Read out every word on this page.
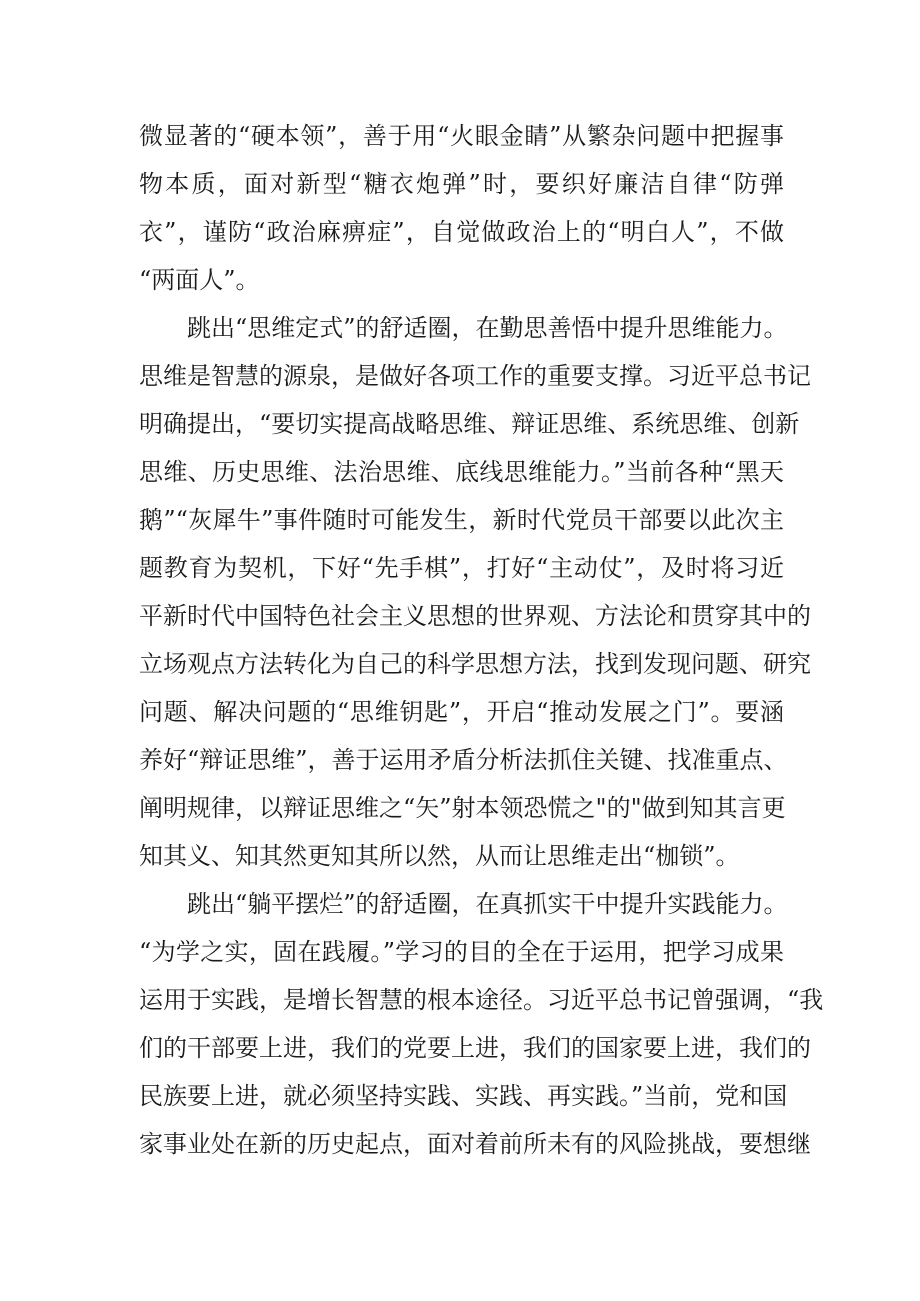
微显著的“硬本领”，善于用“火眼金睛”从繁杂问题中把握事
物本质，面对新型“糖衣炮弹”时，要织好廉洁自律“防弹
衣”，谨防“政治麻痹症”，自觉做政治上的“明白人”，不做
“两面人”。
跳出“思维定式”的舒适圈，在勤思善悟中提升思维能力。
思维是智慧的源泉，是做好各项工作的重要支撑。习近平总书记
明确提出，“要切实提高战略思维、辩证思维、系统思维、创新
思维、历史思维、法治思维、底线思维能力。”当前各种“黑天
鹅”“灰犀牛”事件随时可能发生，新时代党员干部要以此次主
题教育为契机，下好“先手棋”，打好“主动仗”，及时将习近
平新时代中国特色社会主义思想的世界观、方法论和贯穿其中的
立场观点方法转化为自己的科学思想方法，找到发现问题、研究
问题、解决问题的“思维钥匙”，开启“推动发展之门”。要涵
养好“辩证思维”，善于运用矛盾分析法抓住关键、找准重点、
阐明规律，以辩证思维之“矢”射本领恐慌之"的"做到知其言更
知其义、知其然更知其所以然，从而让思维走出“枷锁”。
跳出“躺平摆烂”的舒适圈，在真抓实干中提升实践能力。
“为学之实，固在践履。”学习的目的全在于运用，把学习成果
运用于实践，是增长智慧的根本途径。习近平总书记曾强调，“我
们的干部要上进，我们的党要上进，我们的国家要上进，我们的
民族要上进，就必须坚持实践、实践、再实践。”当前，党和国
家事业处在新的历史起点，面对着前所未有的风险挑战，要想继
